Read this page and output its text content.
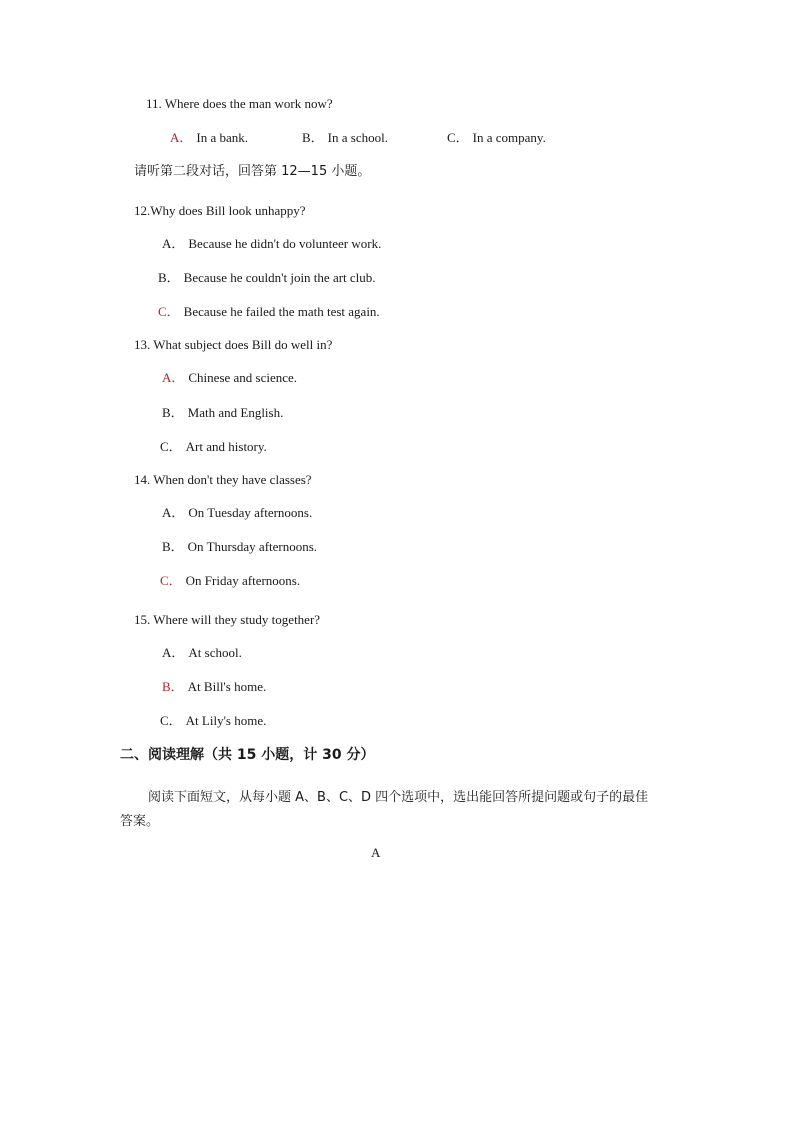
11. Where does the man work now?
A． In a bank.	B． In a school.	C． In a company.
请听第二段对话，回答第 12—15 小题。
12.Why does Bill look unhappy?
A． Because he didn't do volunteer work.
B． Because he couldn't join the art club.
C． Because he failed the math test again.
13. What subject does Bill do well in?
A． Chinese and science.
B． Math and English.
C． Art and history.
14. When don't they have classes?
A． On Tuesday afternoons.
B． On Thursday afternoons.
C． On Friday afternoons.
15. Where will they study together?
A． At school.
B． At Bill's home.
C． At Lily's home.
二、阅读理解（共 15 小题，计 30 分）
阅读下面短文，从每小题 A、B、C、D 四个选项中，选出能回答所提问题或句子的最佳
答案。
A
